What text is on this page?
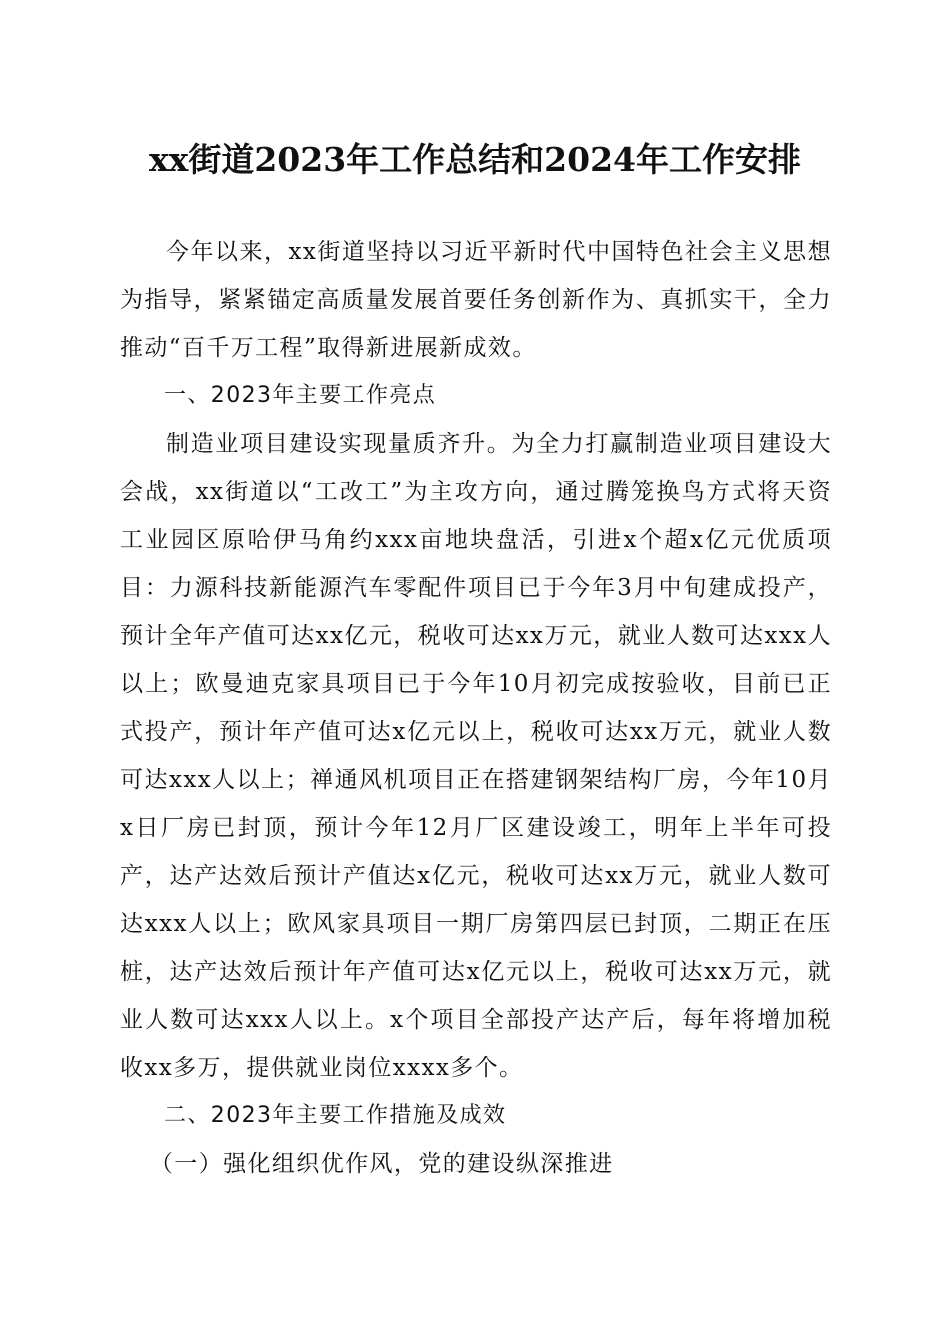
xx街道2023年工作总结和2024年工作安排

今年以来，xx街道坚持以习近平新时代中国特色社会主义思想为指导，紧紧锚定高质量发展首要任务创新作为、真抓实干，全力推动“百千万工程”取得新进展新成效。

一、2023年主要工作亮点

制造业项目建设实现量质齐升。为全力打赢制造业项目建设大会战，xx街道以“工改工”为主攻方向，通过腾笼换鸟方式将天资工业园区原哈伊马角约xxx亩地块盘活，引进x个超x亿元优质项目：力源科技新能源汽车零配件项目已于今年3月中旬建成投产，预计全年产值可达xx亿元，税收可达xx万元，就业人数可达xxx人以上；欧曼迪克家具项目已于今年10月初完成按验收，目前已正式投产，预计年产值可达x亿元以上，税收可达xx万元，就业人数可达xxx人以上；禅通风机项目正在搭建钢架结构厂房，今年10月x日厂房已封顶，预计今年12月厂区建设竣工，明年上半年可投产，达产达效后预计产值达x亿元，税收可达xx万元，就业人数可达xxx人以上；欧风家具项目一期厂房第四层已封顶，二期正在压桩，达产达效后预计年产值可达x亿元以上，税收可达xx万元，就业人数可达xxx人以上。x个项目全部投产达产后，每年将增加税收xx多万，提供就业岗位xxxx多个。

二、2023年主要工作措施及成效

（一）强化组织优作风，党的建设纵深推进
